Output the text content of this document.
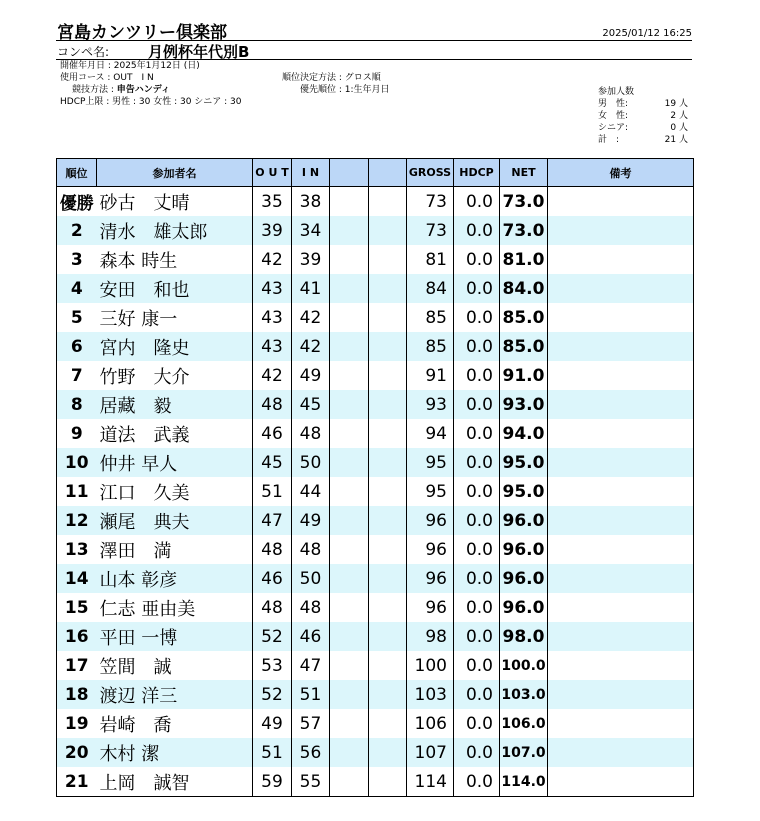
宮島カンツリー倶楽部	2025/01/12 16:25
コンペ名:	月例杯年代別B
開催年月日 : 2025年1月12日 (日)
使用コース : OUT　I N
競技方法 : 申告ハンディ
HDCP上限 : 男性 : 30 女性 : 30 シニア : 30
順位決定方法 : グロス順
優先順位 : 1:生年月日	参加人数
男　性:	19 人
女　性:	2 人
シニア:	0 人
計　:	21 人
順位	参加者名	O U T	I N			GROSS	HDCP	NET	備考
優勝	砂古　丈晴	35	38			73	0.0	73.0	
2	清水　雄太郎	39	34			73	0.0	73.0	
3	森本 時生	42	39			81	0.0	81.0	
4	安田　和也	43	41			84	0.0	84.0	
5	三好 康一	43	42			85	0.0	85.0	
6	宮内　隆史	43	42			85	0.0	85.0	
7	竹野　大介	42	49			91	0.0	91.0	
8	居藏　毅	48	45			93	0.0	93.0	
9	道法　武義	46	48			94	0.0	94.0	
10	仲井 早人	45	50			95	0.0	95.0	
11	江口　久美	51	44			95	0.0	95.0	
12	瀬尾　典夫	47	49			96	0.0	96.0	
13	澤田　満	48	48			96	0.0	96.0	
14	山本 彰彦	46	50			96	0.0	96.0	
15	仁志 亜由美	48	48			96	0.0	96.0	
16	平田 一博	52	46			98	0.0	98.0	
17	笠間　誠	53	47			100	0.0	100.0	
18	渡辺 洋三	52	51			103	0.0	103.0	
19	岩崎　喬	49	57			106	0.0	106.0	
20	木村 潔	51	56			107	0.0	107.0	
21	上岡　誠智	59	55			114	0.0	114.0	
